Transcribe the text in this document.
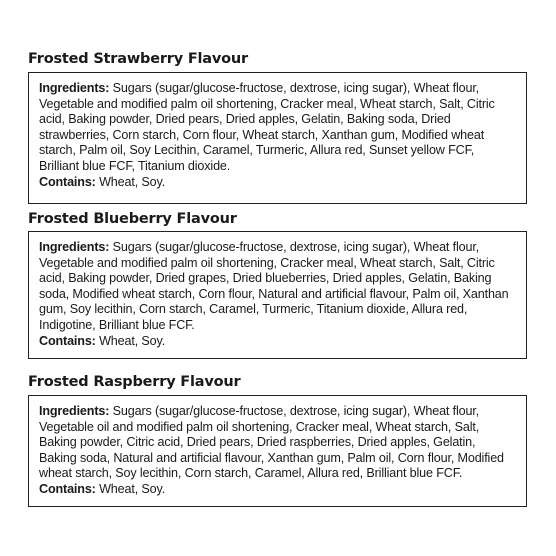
Frosted Strawberry Flavour

Ingredients: Sugars (sugar/glucose-fructose, dextrose, icing sugar), Wheat flour, Vegetable and modified palm oil shortening, Cracker meal, Wheat starch, Salt, Citric acid, Baking powder, Dried pears, Dried apples, Gelatin, Baking soda, Dried strawberries, Corn starch, Corn flour, Wheat starch, Xanthan gum, Modified wheat starch, Palm oil, Soy Lecithin, Caramel, Turmeric, Allura red, Sunset yellow FCF, Brilliant blue FCF, Titanium dioxide.

Contains: Wheat, Soy.

Frosted Blueberry Flavour

Ingredients: Sugars (sugar/glucose-fructose, dextrose, icing sugar), Wheat flour, Vegetable and modified palm oil shortening, Cracker meal, Wheat starch, Salt, Citric acid, Baking powder, Dried grapes, Dried blueberries, Dried apples, Gelatin, Baking soda, Modified wheat starch, Corn flour, Natural and artificial flavour, Palm oil, Xanthan gum, Soy lecithin, Corn starch, Caramel, Turmeric, Titanium dioxide, Allura red, Indigotine, Brilliant blue FCF.

Contains: Wheat, Soy.

Frosted Raspberry Flavour

Ingredients: Sugars (sugar/glucose-fructose, dextrose, icing sugar), Wheat flour, Vegetable oil and modified palm oil shortening, Cracker meal, Wheat starch, Salt, Baking powder, Citric acid, Dried pears, Dried raspberries, Dried apples, Gelatin, Baking soda, Natural and artificial flavour, Xanthan gum, Palm oil, Corn flour, Modified wheat starch, Soy lecithin, Corn starch, Caramel, Allura red, Brilliant blue FCF.

Contains: Wheat, Soy.
